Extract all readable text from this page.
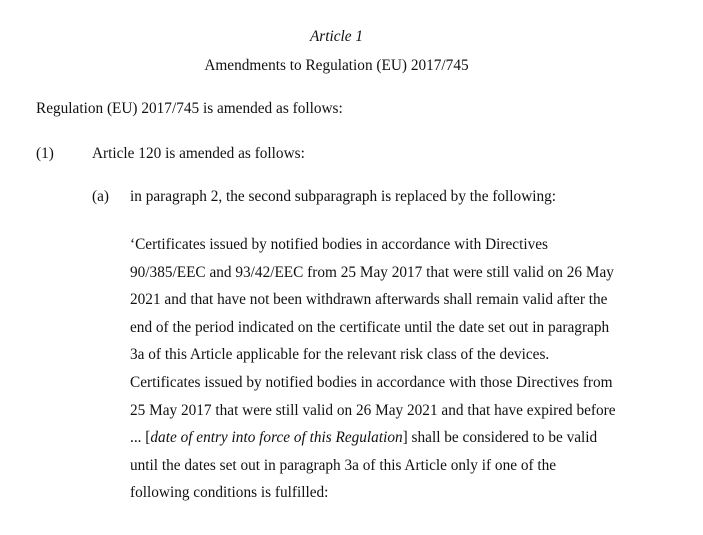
Article 1
Amendments to Regulation (EU) 2017/745
Regulation (EU) 2017/745 is amended as follows:
(1) Article 120 is amended as follows:
(a) in paragraph 2, the second subparagraph is replaced by the following:
‘Certificates issued by notified bodies in accordance with Directives
90/385/EEC and 93/42/EEC from 25 May 2017 that were still valid on 26 May
2021 and that have not been withdrawn afterwards shall remain valid after the
end of the period indicated on the certificate until the date set out in paragraph
3a of this Article applicable for the relevant risk class of the devices.
Certificates issued by notified bodies in accordance with those Directives from
25 May 2017 that were still valid on 26 May 2021 and that have expired before
... [date of entry into force of this Regulation] shall be considered to be valid
until the dates set out in paragraph 3a of this Article only if one of the
following conditions is fulfilled:
